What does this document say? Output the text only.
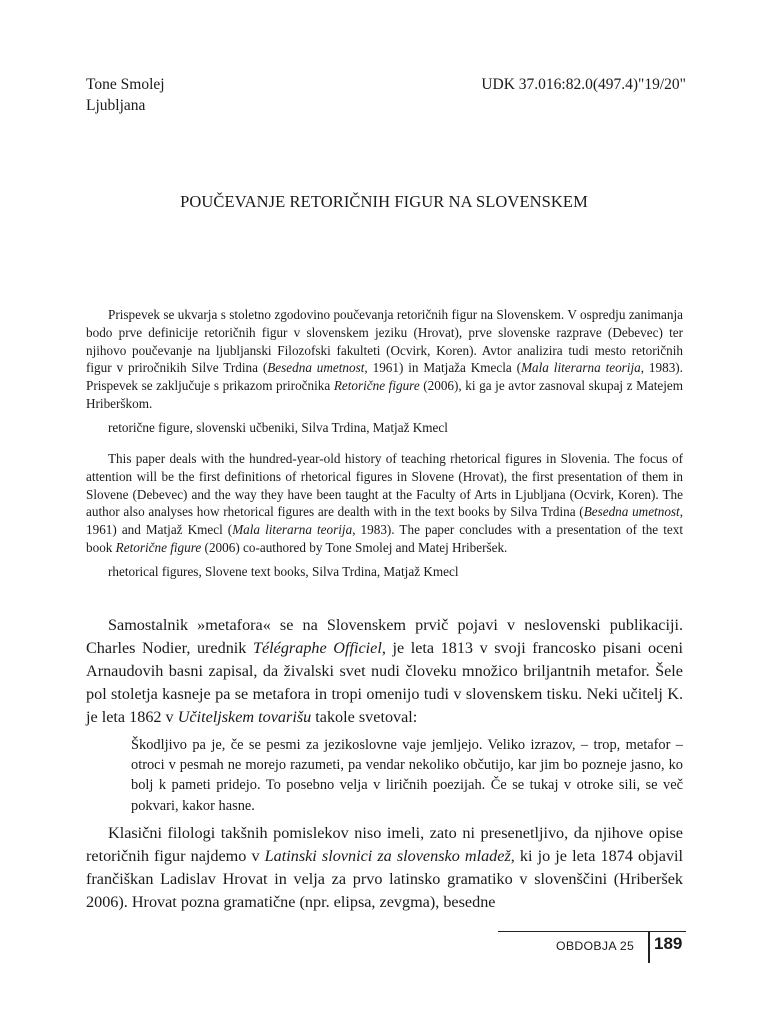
Tone Smolej
Ljubljana
UDK 37.016:82.0(497.4)"19/20"
POUČEVANJE RETORIČNIH FIGUR NA SLOVENSKEM

Prispevek se ukvarja s stoletno zgodovino poučevanja retoričnih figur na Slovenskem. V ospredju zanimanja bodo prve definicije retoričnih figur v slovenskem jeziku (Hrovat), prve slovenske razprave (Debevec) ter njihovo poučevanje na ljubljanski Filozofski fakulteti (Ocvirk, Koren). Avtor analizira tudi mesto retoričnih figur v priročnikih Silve Trdina (Besedna umetnost, 1961) in Matjaža Kmecla (Mala literarna teorija, 1983). Prispevek se zaključuje s prikazom priročnika Retorične figure (2006), ki ga je avtor zasnoval skupaj z Matejem Hriberškom.

retorične figure, slovenski učbeniki, Silva Trdina, Matjaž Kmecl

This paper deals with the hundred-year-old history of teaching rhetorical figures in Slovenia. The focus of attention will be the first definitions of rhetorical figures in Slovene (Hrovat), the first presentation of them in Slovene (Debevec) and the way they have been taught at the Faculty of Arts in Ljubljana (Ocvirk, Koren). The author also analyses how rhetorical figures are dealth with in the text books by Silva Trdina (Besedna umetnost, 1961) and Matjaž Kmecl (Mala literarna teorija, 1983). The paper concludes with a presentation of the text book Retorične figure (2006) co-authored by Tone Smolej and Matej Hriberšek.

rhetorical figures, Slovene text books, Silva Trdina, Matjaž Kmecl

Samostalnik »metafora« se na Slovenskem prvič pojavi v neslovenski publikaciji. Charles Nodier, urednik Télégraphe Officiel, je leta 1813 v svoji francosko pisani oceni Arnaudovih basni zapisal, da živalski svet nudi človeku množico briljantnih metafor. Šele pol stoletja kasneje pa se metafora in tropi omenijo tudi v slovenskem tisku. Neki učitelj K. je leta 1862 v Učiteljskem tovarišu takole svetoval:

Škodljivo pa je, če se pesmi za jezikoslovne vaje jemljejo. Veliko izrazov, – trop, metafor – otroci v pesmah ne morejo razumeti, pa vendar nekoliko občutijo, kar jim bo pozneje jasno, ko bolj k pameti pridejo. To posebno velja v liričnih poezijah. Če se tukaj v otroke sili, se več pokvari, kakor hasne.

Klasični filologi takšnih pomislekov niso imeli, zato ni presenetljivo, da njihove opise retoričnih figur najdemo v Latinski slovnici za slovensko mladež, ki jo je leta 1874 objavil frančiškan Ladislav Hrovat in velja za prvo latinsko gramatiko v slovenščini (Hriberšek 2006). Hrovat pozna gramatične (npr. elipsa, zevgma), besedne

OBDOBJA 25 189
